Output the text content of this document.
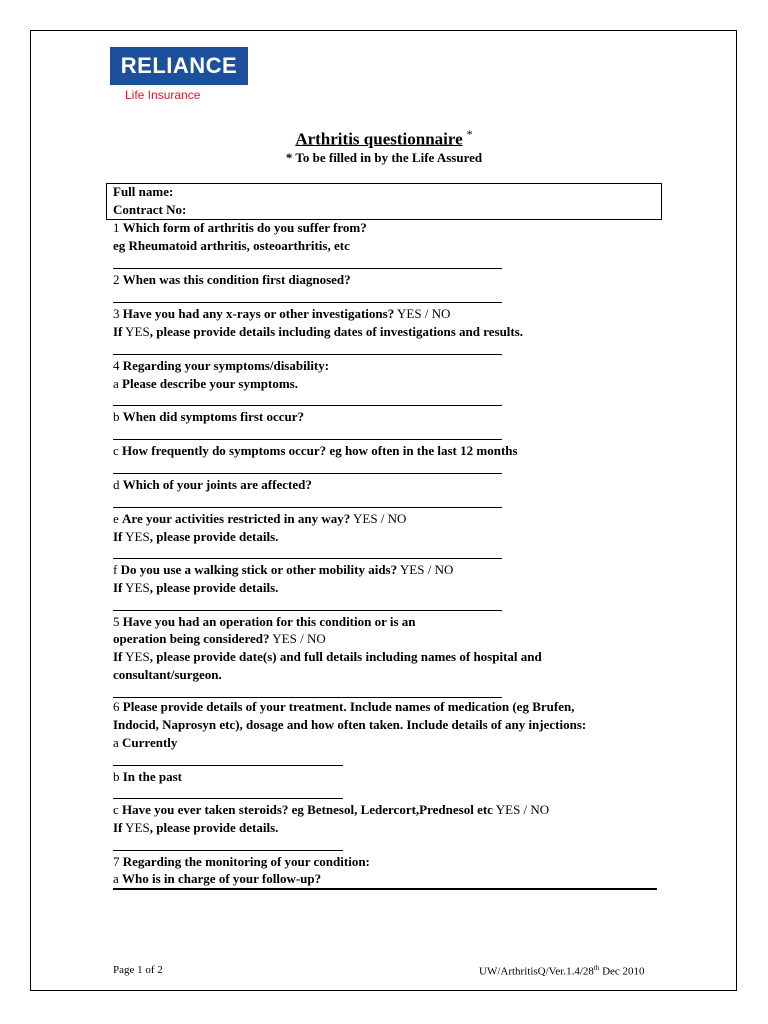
RELIANCE
Life Insurance
Arthritis questionnaire *
* To be filled in by the Life Assured
Full name:
Contract No:
1 Which form of arthritis do you suffer from?
eg Rheumatoid arthritis, osteoarthritis, etc
2 When was this condition first diagnosed?
3 Have you had any x-rays or other investigations? YES / NO
If YES, please provide details including dates of investigations and results.
4 Regarding your symptoms/disability:
a Please describe your symptoms.
b When did symptoms first occur?
c How frequently do symptoms occur? eg how often in the last 12 months
d Which of your joints are affected?
e Are your activities restricted in any way? YES / NO
If YES, please provide details.
f Do you use a walking stick or other mobility aids? YES / NO
If YES, please provide details.
5 Have you had an operation for this condition or is an
operation being considered? YES / NO
If YES, please provide date(s) and full details including names of hospital and
consultant/surgeon.
6 Please provide details of your treatment. Include names of medication (eg Brufen,
Indocid, Naprosyn etc), dosage and how often taken. Include details of any injections:
a Currently
b In the past
c Have you ever taken steroids? eg Betnesol, Ledercort,Prednesol etc YES / NO
If YES, please provide details.
7 Regarding the monitoring of your condition:
a Who is in charge of your follow-up?
Page 1 of 2	UW/ArthritisQ/Ver.1.4/28th Dec 2010
